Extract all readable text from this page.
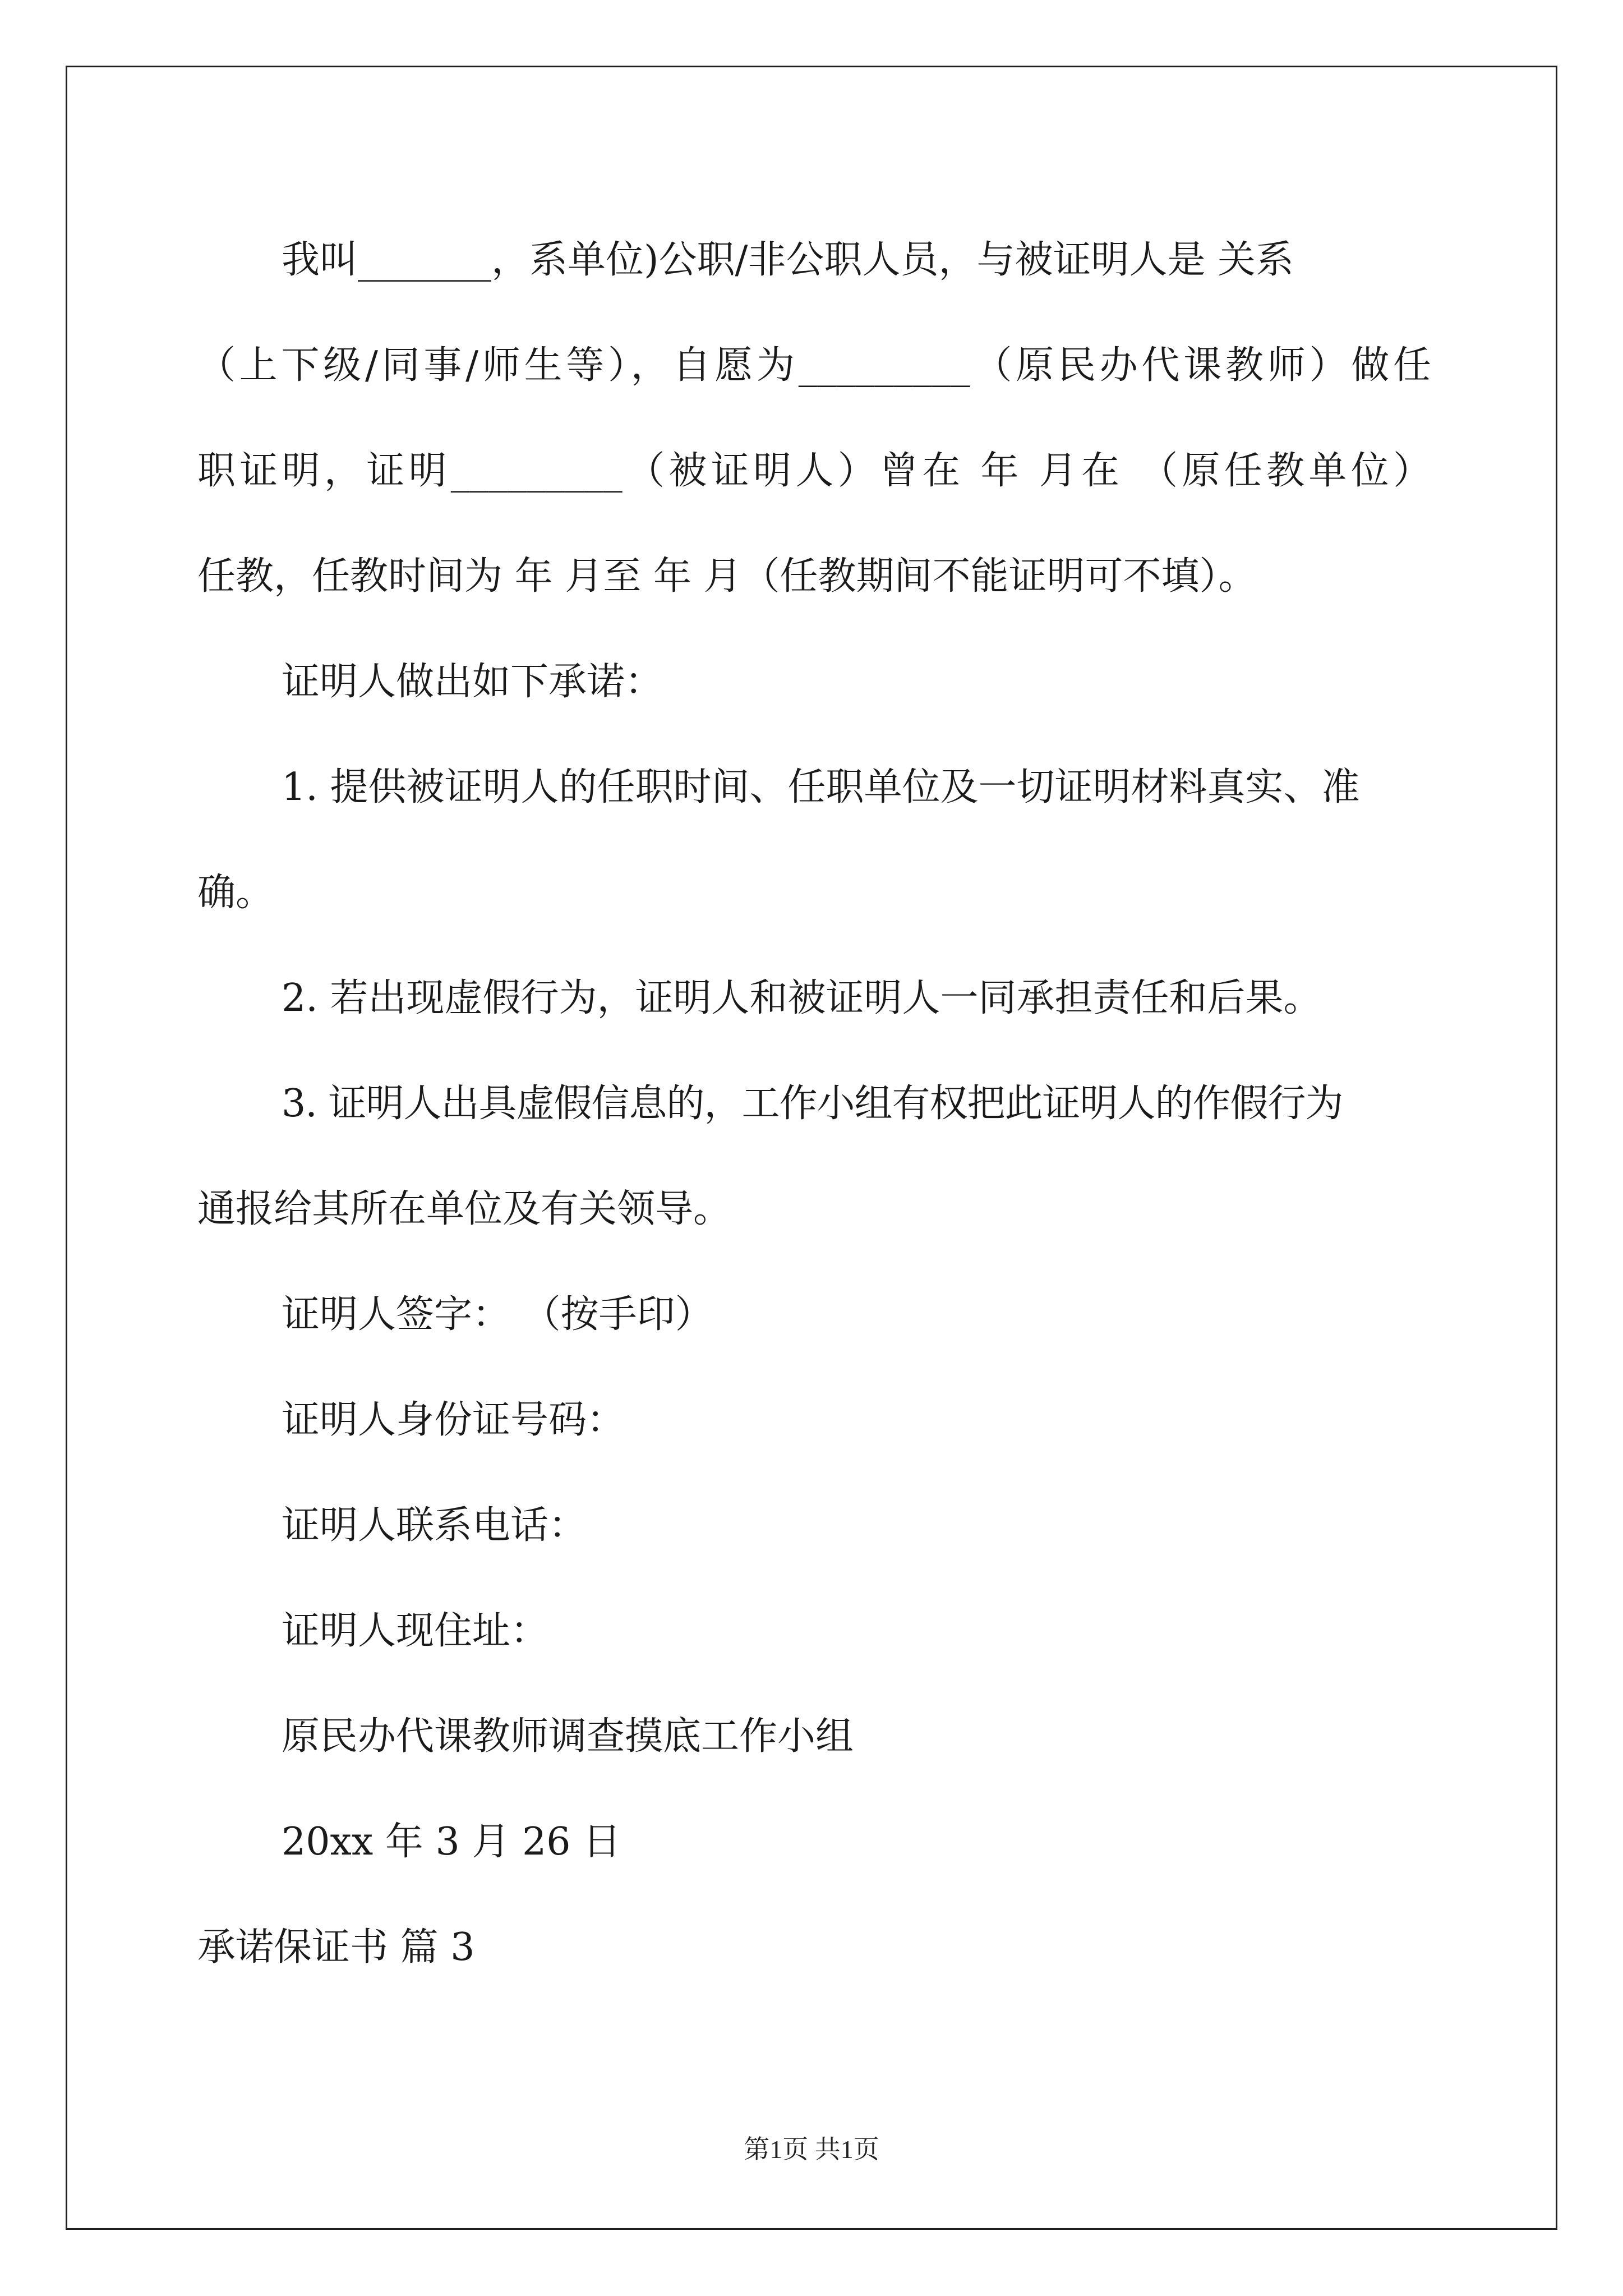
我叫_______，系单位)公职/非公职人员，与被证明人是 关系

（上下级/同事/师生等），自愿为_________（原民办代课教师）做任

职证明，证明_________（被证明人）曾在 年 月在 （原任教单位）

任教，任教时间为 年 月至 年 月（任教期间不能证明可不填）。

证明人做出如下承诺：

1. 提供被证明人的任职时间、任职单位及一切证明材料真实、准

确。

2. 若出现虚假行为，证明人和被证明人一同承担责任和后果。

3. 证明人出具虚假信息的，工作小组有权把此证明人的作假行为

通报给其所在单位及有关领导。

证明人签字： （按手印）

证明人身份证号码：

证明人联系电话：

证明人现住址：

原民办代课教师调查摸底工作小组

20xx 年 3 月 26 日

承诺保证书 篇 3

第1页 共1页
